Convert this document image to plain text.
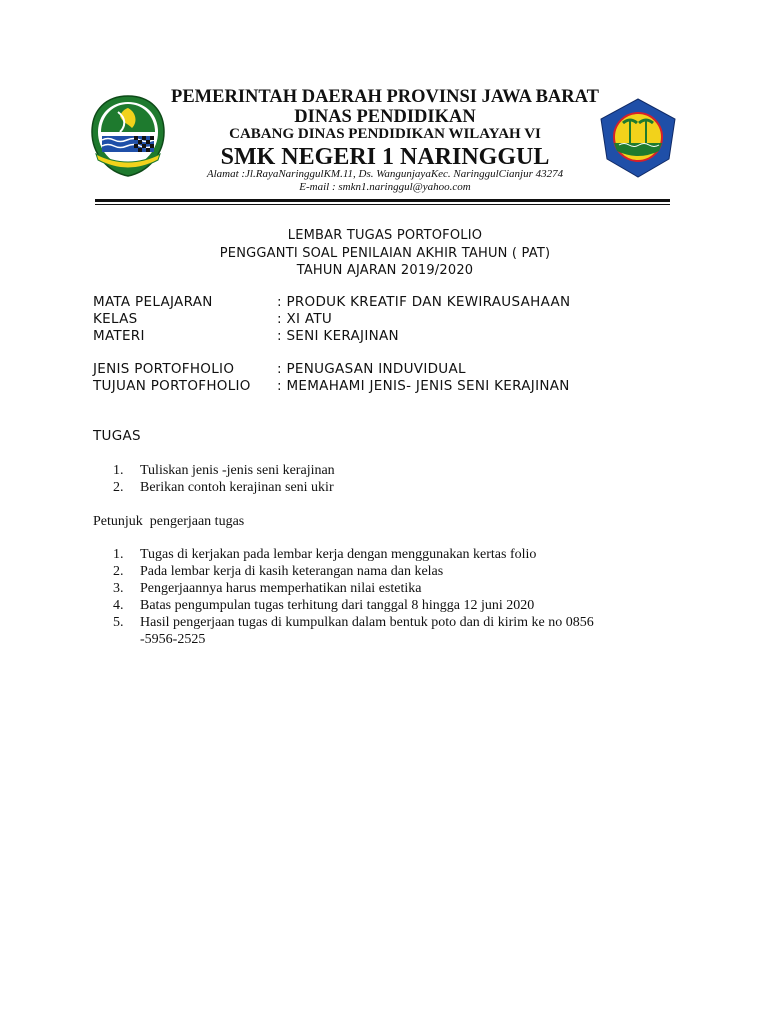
PEMERINTAH DAERAH PROVINSI JAWA BARAT

DINAS PENDIDIKAN

CABANG DINAS PENDIDIKAN WILAYAH VI

SMK NEGERI 1 NARINGGUL

Alamat :Jl.RayaNaringgulKM.11, Ds. WangunjayaKec. NaringgulCianjur 43274

E-mail : smkn1.naringgul@yahoo.com

LEMBAR TUGAS PORTOFOLIO
PENGGANTI SOAL PENILAIAN AKHIR TAHUN ( PAT)
TAHUN AJARAN 2019/2020
MATA PELAJARAN	: PRODUK KREATIF DAN KEWIRAUSAHAAN
KELAS	: XI ATU
MATERI	: SENI KERAJINAN
JENIS PORTOFHOLIO	: PENUGASAN INDUVIDUAL
TUJUAN PORTOFHOLIO : MEMAHAMI JENIS- JENIS SENI KERAJINAN
TUGAS
1. Tuliskan jenis -jenis seni kerajinan
2. Berikan contoh kerajinan seni ukir
Petunjuk  pengerjaan tugas
1. Tugas di kerjakan pada lembar kerja dengan menggunakan kertas folio
2. Pada lembar kerja di kasih keterangan nama dan kelas
3. Pengerjaannya harus memperhatikan nilai estetika
4. Batas pengumpulan tugas terhitung dari tanggal 8 hingga 12 juni 2020
5. Hasil pengerjaan tugas di kumpulkan dalam bentuk poto dan di kirim ke no 0856
-5956-2525
